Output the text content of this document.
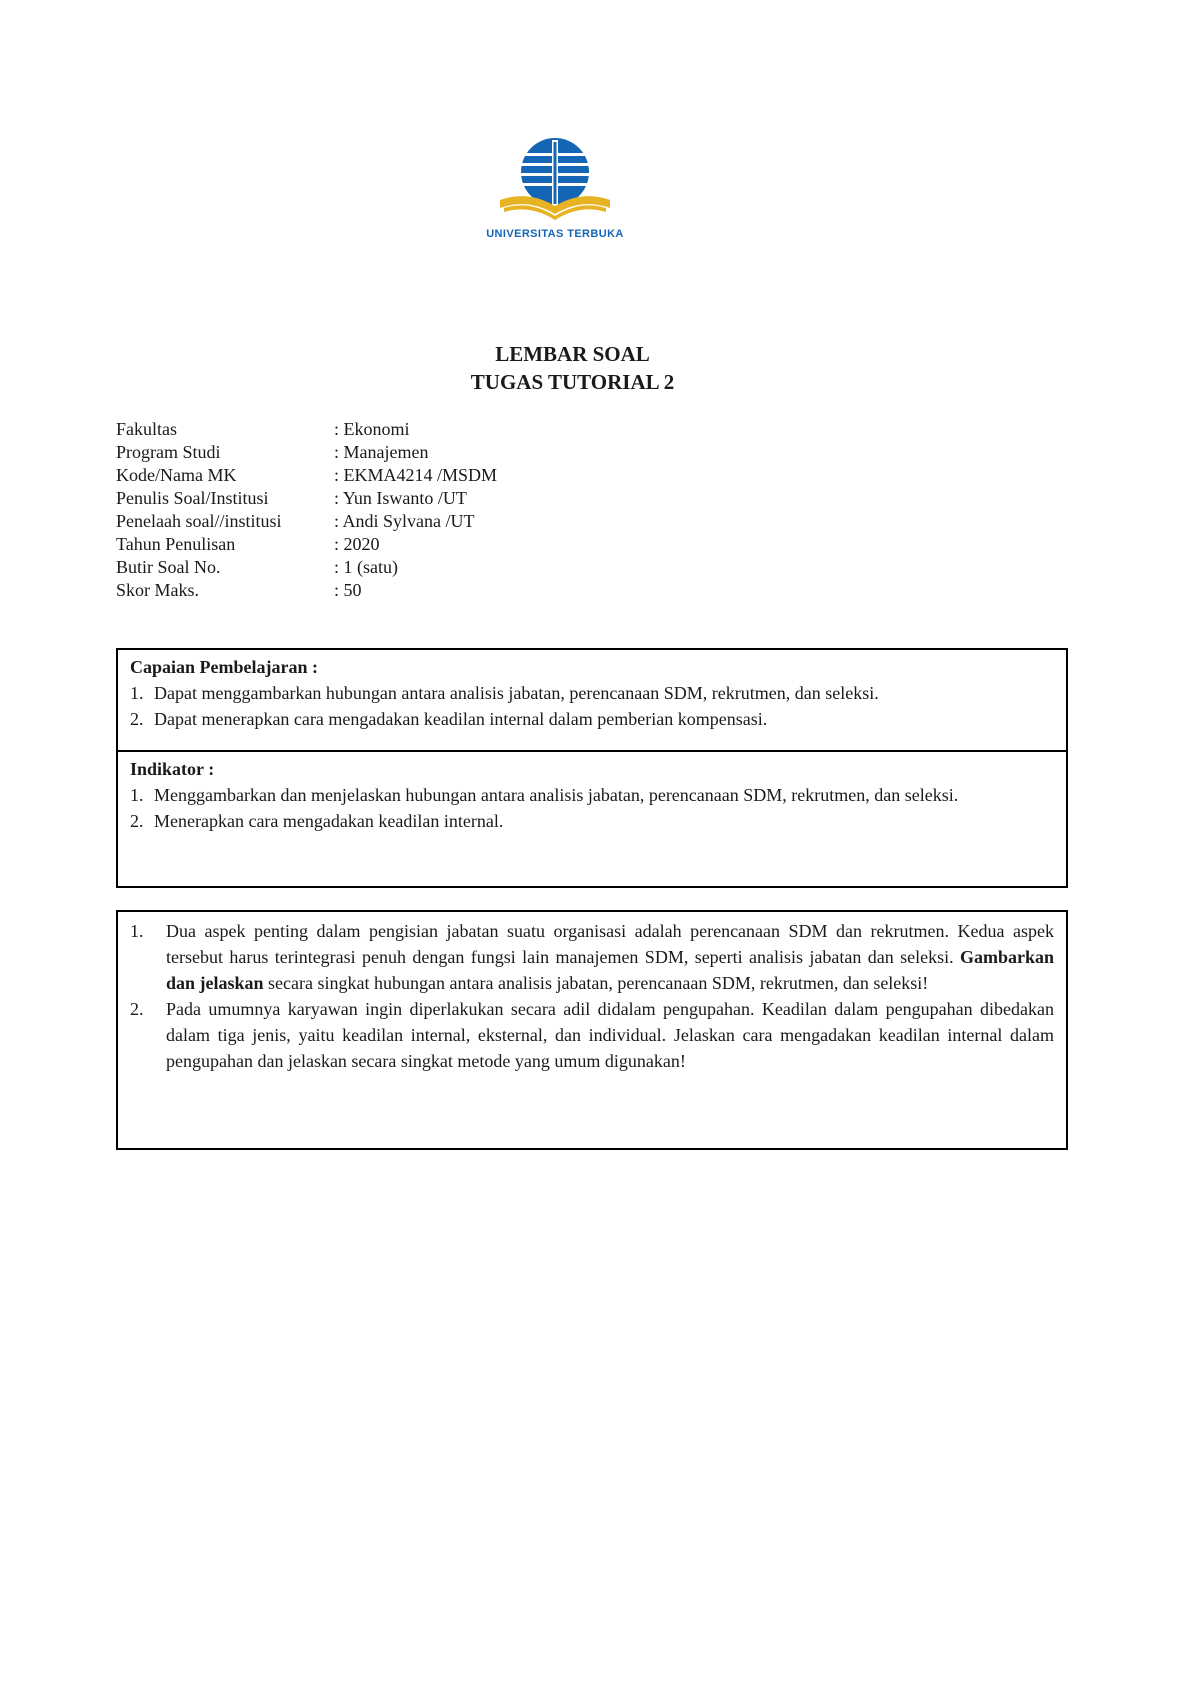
UNIVERSITAS TERBUKA
LEMBAR SOAL
TUGAS TUTORIAL 2
Fakultas	: Ekonomi
Program Studi	: Manajemen
Kode/Nama MK	: EKMA4214 /MSDM
Penulis Soal/Institusi	: Yun Iswanto /UT
Penelaah soal//institusi	: Andi Sylvana /UT
Tahun Penulisan	: 2020
Butir Soal No.	: 1 (satu)
Skor Maks.	: 50
Capaian Pembelajaran :
1. Dapat menggambarkan hubungan antara analisis jabatan, perencanaan SDM, rekrutmen, dan seleksi.
2. Dapat menerapkan cara mengadakan keadilan internal dalam pemberian kompensasi.
Indikator :
1. Menggambarkan dan menjelaskan hubungan antara analisis jabatan, perencanaan SDM, rekrutmen, dan seleksi.
2. Menerapkan cara mengadakan keadilan internal.
1.	Dua aspek penting dalam pengisian jabatan suatu organisasi adalah perencanaan SDM dan rekrutmen. Kedua aspek tersebut harus terintegrasi penuh dengan fungsi lain manajemen SDM, seperti analisis jabatan dan seleksi. Gambarkan dan jelaskan secara singkat hubungan antara analisis jabatan, perencanaan SDM, rekrutmen, dan seleksi!
2.	Pada umumnya karyawan ingin diperlakukan secara adil didalam pengupahan. Keadilan dalam pengupahan dibedakan dalam tiga jenis, yaitu keadilan internal, eksternal, dan individual. Jelaskan cara mengadakan keadilan internal dalam pengupahan dan jelaskan secara singkat metode yang umum digunakan!
